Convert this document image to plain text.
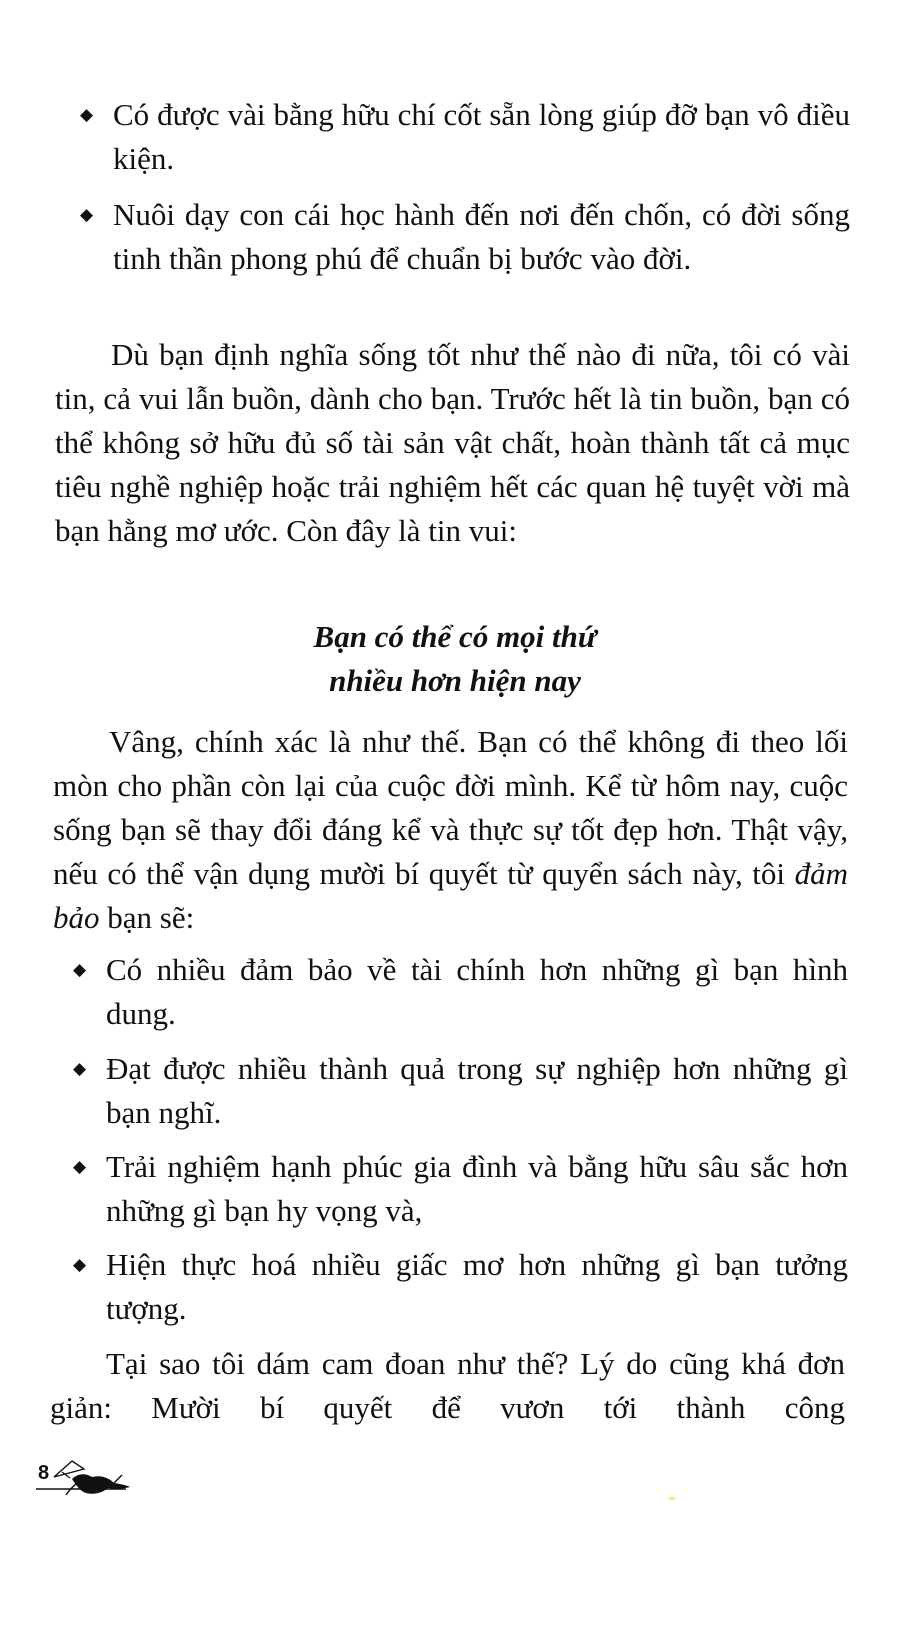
◆ Có được vài bằng hữu chí cốt sẵn lòng giúp đỡ bạn vô điều kiện.
◆ Nuôi dạy con cái học hành đến nơi đến chốn, có đời sống tinh thần phong phú để chuẩn bị bước vào đời.

Dù bạn định nghĩa sống tốt như thế nào đi nữa, tôi có vài tin, cả vui lẫn buồn, dành cho bạn. Trước hết là tin buồn, bạn có thể không sở hữu đủ số tài sản vật chất, hoàn thành tất cả mục tiêu nghề nghiệp hoặc trải nghiệm hết các quan hệ tuyệt vời mà bạn hằng mơ ước. Còn đây là tin vui:

Bạn có thể có mọi thứ

nhiều hơn hiện nay

Vâng, chính xác là như thế. Bạn có thể không đi theo lối mòn cho phần còn lại của cuộc đời mình. Kể từ hôm nay, cuộc sống bạn sẽ thay đổi đáng kể và thực sự tốt đẹp hơn. Thật vậy, nếu có thể vận dụng mười bí quyết từ quyển sách này, tôi đảm bảo bạn sẽ:

◆ Có nhiều đảm bảo về tài chính hơn những gì bạn hình dung.
◆ Đạt được nhiều thành quả trong sự nghiệp hơn những gì bạn nghĩ.
◆ Trải nghiệm hạnh phúc gia đình và bằng hữu sâu sắc hơn những gì bạn hy vọng và,
◆ Hiện thực hoá nhiều giấc mơ hơn những gì bạn tưởng tượng.

Tại sao tôi dám cam đoan như thế? Lý do cũng khá đơn giản: Mười bí quyết để vươn tới thành công

8
